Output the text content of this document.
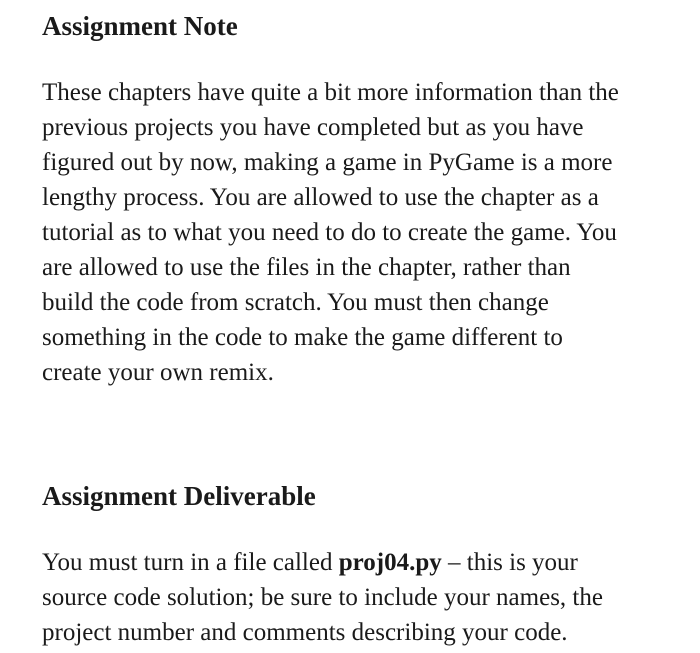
Assignment Note

These chapters have quite a bit more information than the
previous projects you have completed but as you have
figured out by now, making a game in PyGame is a more
lengthy process. You are allowed to use the chapter as a
tutorial as to what you need to do to create the game. You
are allowed to use the files in the chapter, rather than
build the code from scratch. You must then change
something in the code to make the game different to
create your own remix.

Assignment Deliverable

You must turn in a file called proj04.py – this is your
source code solution; be sure to include your names, the
project number and comments describing your code.
